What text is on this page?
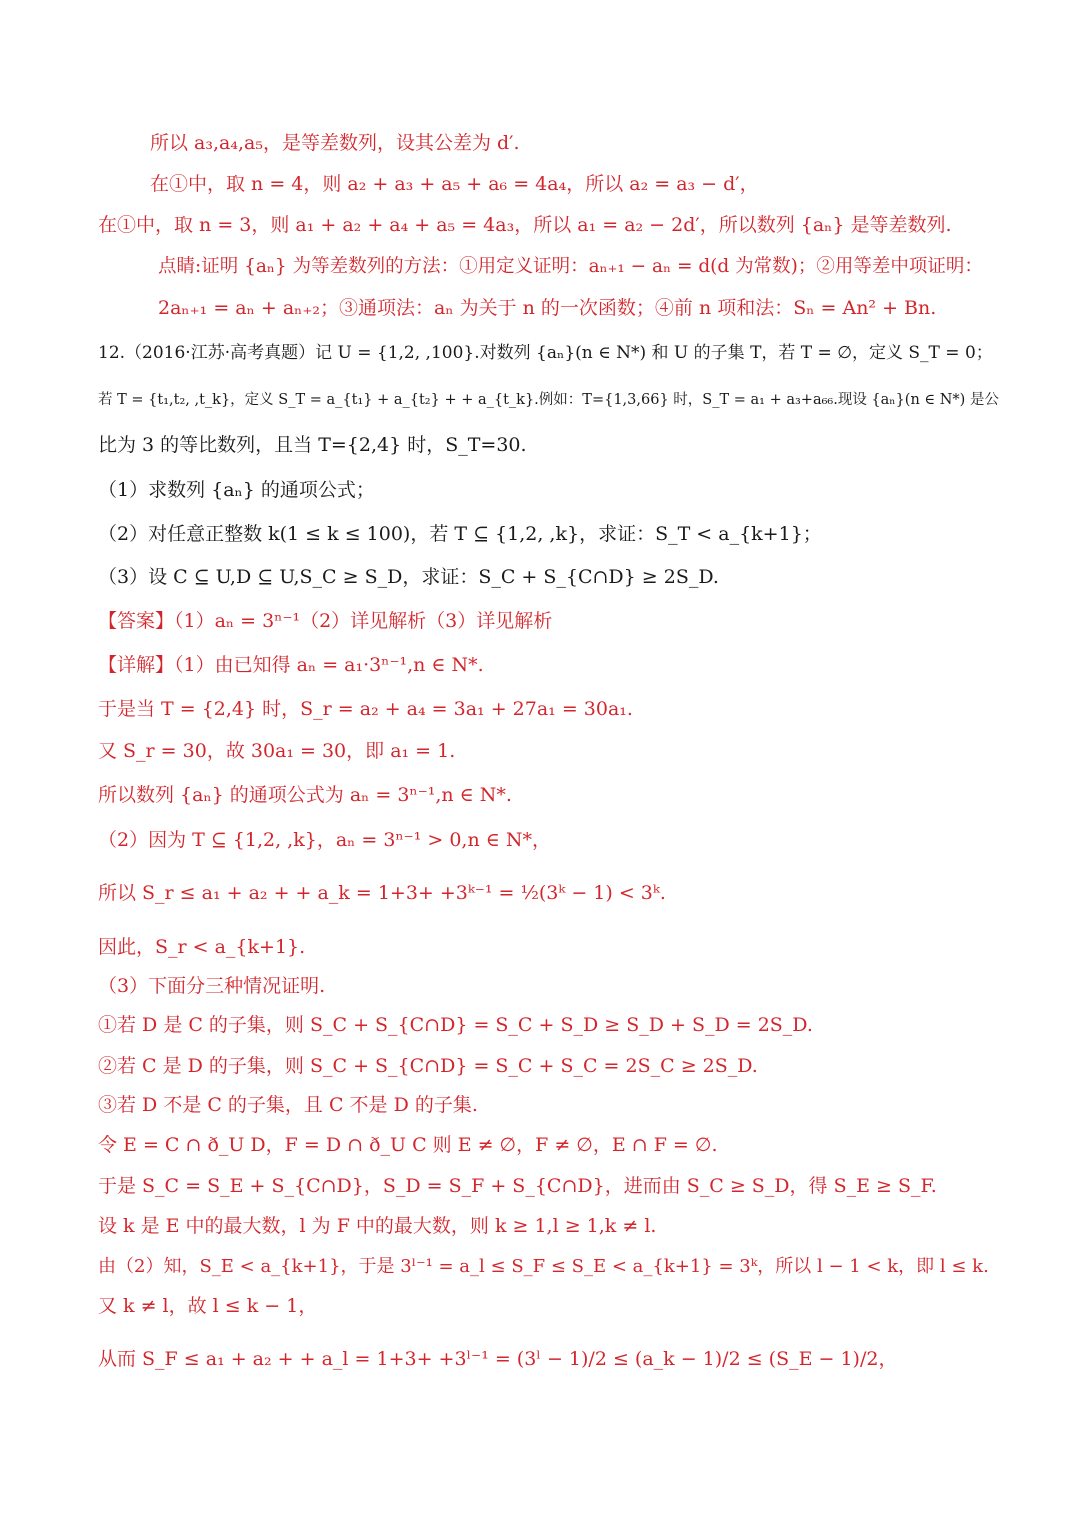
所以 a₃,a₄,a₅，是等差数列，设其公差为 d′.
在①中，取 n = 4，则 a₂ + a₃ + a₅ + a₆ = 4a₄，所以 a₂ = a₃ − d′，
在①中，取 n = 3，则 a₁ + a₂ + a₄ + a₅ = 4a₃，所以 a₁ = a₂ − 2d′，所以数列 {aₙ} 是等差数列.
点睛:证明 {aₙ} 为等差数列的方法：①用定义证明：aₙ₊₁ − aₙ = d(d 为常数)；②用等差中项证明：
2aₙ₊₁ = aₙ + aₙ₊₂；③通项法：aₙ 为关于 n 的一次函数；④前 n 项和法：Sₙ = An² + Bn.
12.（2016·江苏·高考真题）记 U = {1,2, ,100}.对数列 {aₙ}(n ∈ N*) 和 U 的子集 T，若 T = ∅，定义 S_T = 0；
若 T = {t₁,t₂, ,t_k}，定义 S_T = a_{t₁} + a_{t₂} + + a_{t_k}.例如：T={1,3,66} 时，S_T = a₁ + a₃+a₆₆.现设 {aₙ}(n ∈ N*) 是公
比为 3 的等比数列，且当 T={2,4} 时，S_T=30.
（1）求数列 {aₙ} 的通项公式；
（2）对任意正整数 k(1 ≤ k ≤ 100)，若 T ⊆ {1,2, ,k}，求证：S_T < a_{k+1}；
（3）设 C ⊆ U,D ⊆ U,S_C ≥ S_D，求证：S_C + S_{C∩D} ≥ 2S_D.
【答案】（1）aₙ = 3ⁿ⁻¹（2）详见解析（3）详见解析
【详解】（1）由已知得 aₙ = a₁·3ⁿ⁻¹,n ∈ N*.
于是当 T = {2,4} 时，S_r = a₂ + a₄ = 3a₁ + 27a₁ = 30a₁.
又 S_r = 30，故 30a₁ = 30，即 a₁ = 1.
所以数列 {aₙ} 的通项公式为 aₙ = 3ⁿ⁻¹,n ∈ N*.
（2）因为 T ⊆ {1,2, ,k}，aₙ = 3ⁿ⁻¹ > 0,n ∈ N*，
所以 S_r ≤ a₁ + a₂ + + a_k = 1+3+ +3ᵏ⁻¹ = ½(3ᵏ − 1) < 3ᵏ.
因此，S_r < a_{k+1}.
（3）下面分三种情况证明.
①若 D 是 C 的子集，则 S_C + S_{C∩D} = S_C + S_D ≥ S_D + S_D = 2S_D.
②若 C 是 D 的子集，则 S_C + S_{C∩D} = S_C + S_C = 2S_C ≥ 2S_D.
③若 D 不是 C 的子集，且 C 不是 D 的子集.
令 E = C ∩ ð_U D，F = D ∩ ð_U C 则 E ≠ ∅，F ≠ ∅，E ∩ F = ∅.
于是 S_C = S_E + S_{C∩D}，S_D = S_F + S_{C∩D}，进而由 S_C ≥ S_D，得 S_E ≥ S_F.
设 k 是 E 中的最大数，l 为 F 中的最大数，则 k ≥ 1,l ≥ 1,k ≠ l.
由（2）知，S_E < a_{k+1}，于是 3ˡ⁻¹ = a_l ≤ S_F ≤ S_E < a_{k+1} = 3ᵏ，所以 l − 1 < k，即 l ≤ k.
又 k ≠ l，故 l ≤ k − 1，
从而 S_F ≤ a₁ + a₂ + + a_l = 1+3+ +3ˡ⁻¹ = (3ˡ − 1)/2 ≤ (a_k − 1)/2 ≤ (S_E − 1)/2，
